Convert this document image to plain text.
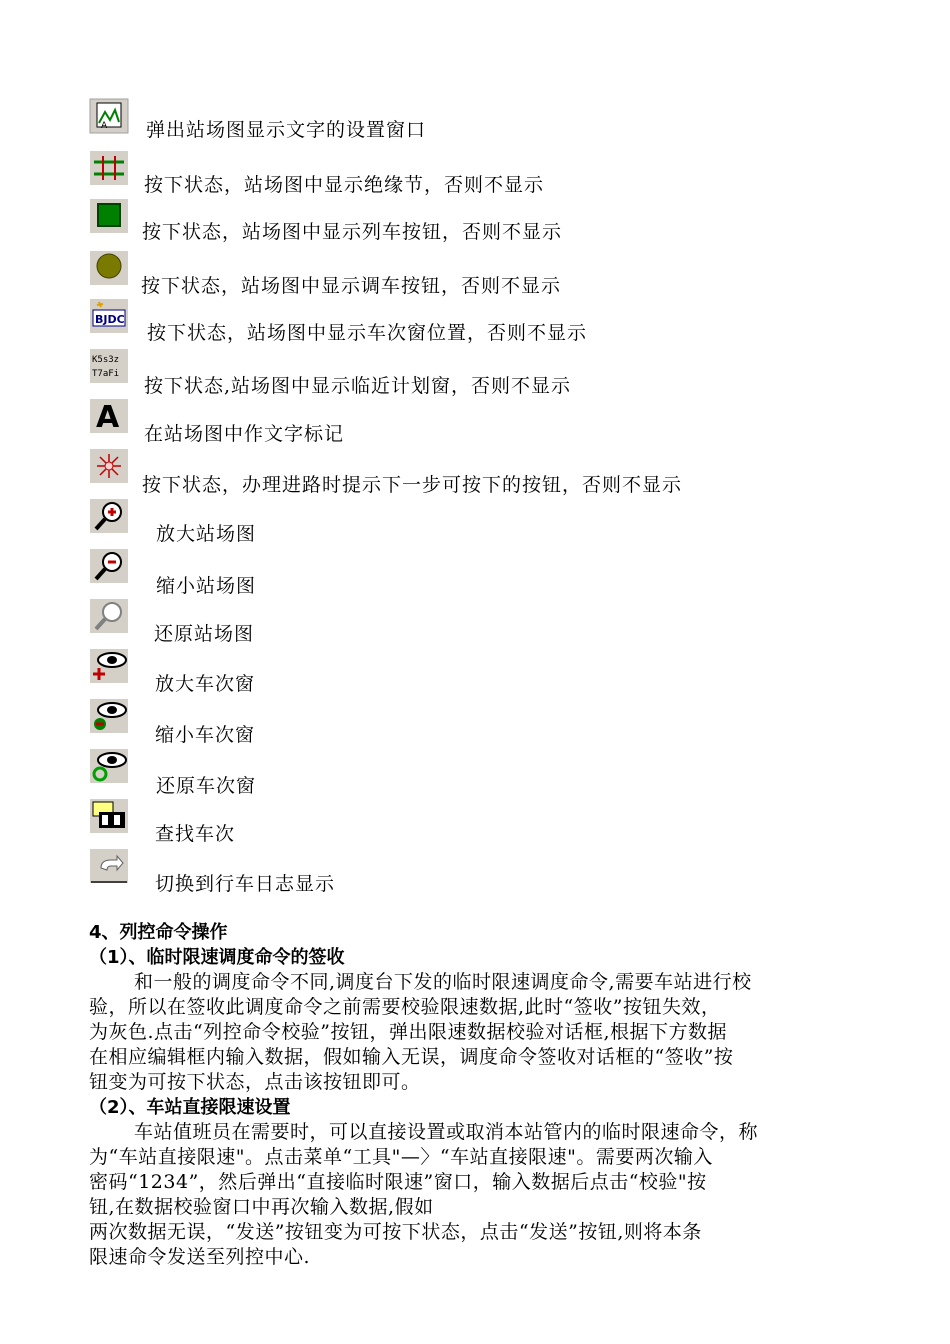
A 弹出站场图显示文字的设置窗口
按下状态，站场图中显示绝缘节，否则不显示
按下状态，站场图中显示列车按钮，否则不显示
按下状态，站场图中显示调车按钮，否则不显示
BJDC
按下状态，站场图中显示车次窗位置，否则不显示
K5s3z
T7aFi
按下状态,站场图中显示临近计划窗，否则不显示
A 在站场图中作文字标记
按下状态，办理进路时提示下一步可按下的按钮，否则不显示
放大站场图
缩小站场图
还原站场图
放大车次窗
缩小车次窗
还原车次窗
查找车次
切换到行车日志显示
4、列控命令操作
（1）、临时限速调度命令的签收
和一般的调度命令不同,调度台下发的临时限速调度命令,需要车站进行校
验，所以在签收此调度命令之前需要校验限速数据,此时“签收”按钮失效，
为灰色.点击“列控命令校验”按钮，弹出限速数据校验对话框,根据下方数据
在相应编辑框内输入数据，假如输入无误，调度命令签收对话框的“签收”按
钮变为可按下状态，点击该按钮即可。
（2）、车站直接限速设置
车站值班员在需要时，可以直接设置或取消本站管内的临时限速命令，称
为“车站直接限速"。点击菜单“工具"—〉“车站直接限速"。需要两次输入
密码“1234”，然后弹出“直接临时限速”窗口，输入数据后点击“校验"按
钮,在数据校验窗口中再次输入数据,假如
两次数据无误，“发送”按钮变为可按下状态，点击“发送”按钮,则将本条
限速命令发送至列控中心.
